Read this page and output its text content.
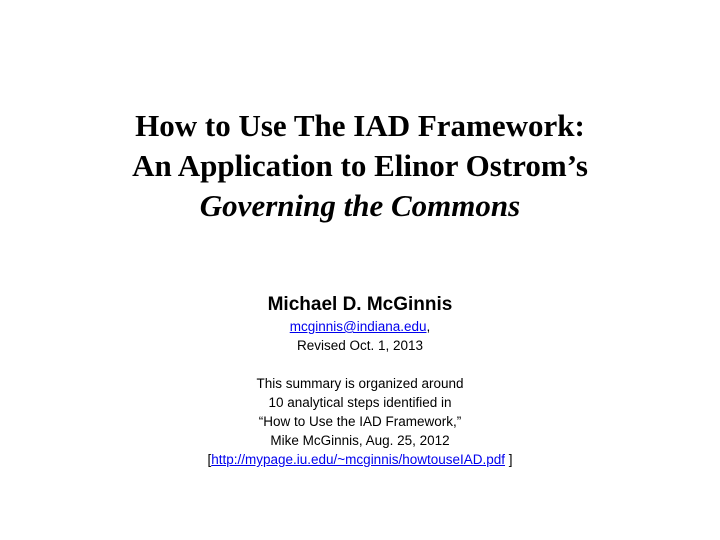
How to Use The IAD Framework:
An Application to Elinor Ostrom’s
Governing the Commons
Michael D. McGinnis
mcginnis@indiana.edu,
Revised Oct. 1, 2013
This summary is organized around
10 analytical steps identified in
“How to Use the IAD Framework,”
Mike McGinnis, Aug. 25, 2012
[http://mypage.iu.edu/~mcginnis/howtouseIAD.pdf ]
